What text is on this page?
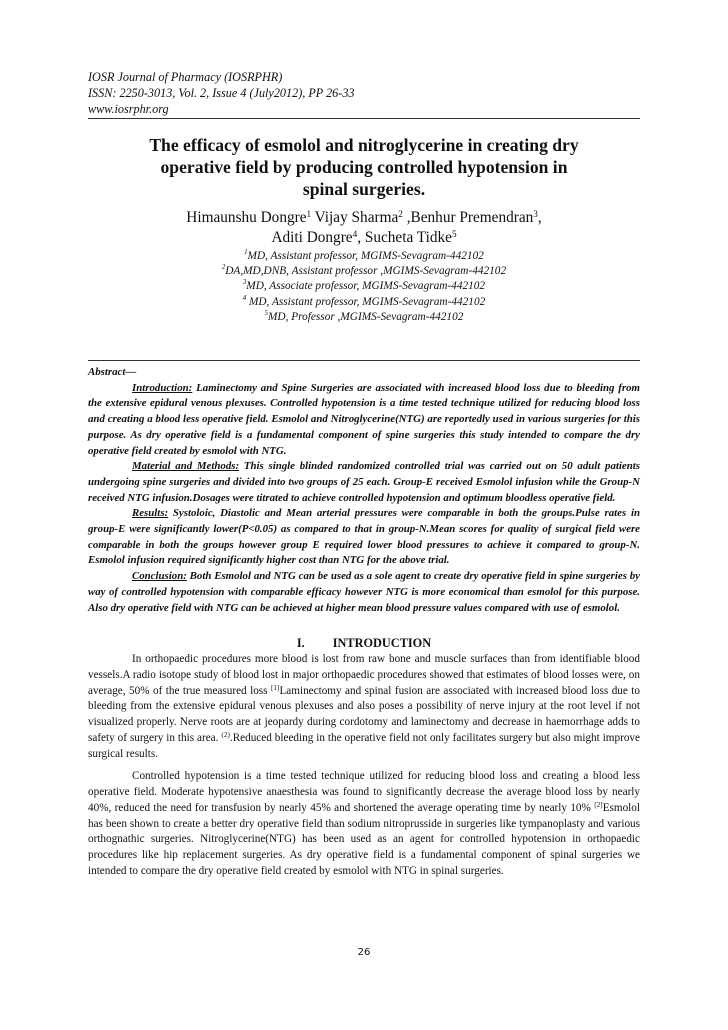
IOSR Journal of Pharmacy (IOSRPHR)
ISSN: 2250-3013, Vol. 2, Issue 4 (July2012), PP 26-33
www.iosrphr.org
The efficacy of esmolol and nitroglycerine in creating dry
operative field by producing controlled hypotension in
spinal surgeries.
Himaunshu Dongre$^1$ Vijay Sharma$^2$ ,Benhur Premendran$^3$,
Aditi Dongre$^4$, Sucheta Tidke$^5$
$^1$MD, Assistant professor, MGIMS-Sevagram-442102
$^2$DA,MD,DNB, Assistant professor ,MGIMS-Sevagram-442102
$^3$MD, Associate professor, MGIMS-Sevagram-442102
$^4$ MD, Assistant professor, MGIMS-Sevagram-442102
$^5$MD, Professor ,MGIMS-Sevagram-442102

Abstract—

Introduction: Laminectomy and Spine Surgeries are associated with increased blood loss due to bleeding from the extensive epidural venous plexuses. Controlled hypotension is a time tested technique utilized for reducing blood loss and creating a blood less operative field. Esmolol and Nitroglycerine(NTG) are reportedly used in various surgeries for this purpose. As dry operative field is a fundamental component of spine surgeries this study intended to compare the dry operative field created by esmolol with NTG.

Material and Methods: This single blinded randomized controlled trial was carried out on 50 adult patients undergoing spine surgeries and divided into two groups of 25 each. Group-E received Esmolol infusion while the Group-N received NTG infusion.Dosages were titrated to achieve controlled hypotension and optimum bloodless operative field.

Results: Systoloic, Diastolic and Mean arterial pressures were comparable in both the groups.Pulse rates in group-E were significantly lower(P<0.05) as compared to that in group-N.Mean scores for quality of surgical field were comparable in both the groups however group E required lower blood pressures to achieve it compared to group-N. Esmolol infusion required significantly higher cost than NTG for the above trial.

Conclusion: Both Esmolol and NTG can be used as a sole agent to create dry operative field in spine surgeries by way of controlled hypotension with comparable efficacy however NTG is more economical than esmolol for this purpose. Also dry operative field with NTG can be achieved at higher mean blood pressure values compared with use of esmolol.

I. INTRODUCTION

In orthopaedic procedures more blood is lost from raw bone and muscle surfaces than from identifiable blood vessels.A radio isotope study of blood lost in major orthopaedic procedures showed that estimates of blood losses were, on average, 50% of the true measured loss [1]Laminectomy and spinal fusion are associated with increased blood loss due to bleeding from the extensive epidural venous plexuses and also poses a possibility of nerve injury at the root level if not visualized properly. Nerve roots are at jeopardy during cordotomy and laminectomy and decrease in haemorrhage adds to safety of surgery in this area. $^{(2)}$.Reduced bleeding in the operative field not only facilitates surgery but also might improve surgical results.

Controlled hypotension is a time tested technique utilized for reducing blood loss and creating a blood less operative field. Moderate hypotensive anaesthesia was found to significantly decrease the average blood loss by nearly 40%, reduced the need for transfusion by nearly 45% and shortened the average operating time by nearly 10% [2]Esmolol has been shown to create a better dry operative field than sodium nitroprusside in surgeries like tympanoplasty and various orthognathic surgeries. Nitroglycerine(NTG) has been used as an agent for controlled hypotension in orthopaedic procedures like hip replacement surgeries. As dry operative field is a fundamental component of spinal surgeries we intended to compare the dry operative field created by esmolol with NTG in spinal surgeries.

26
